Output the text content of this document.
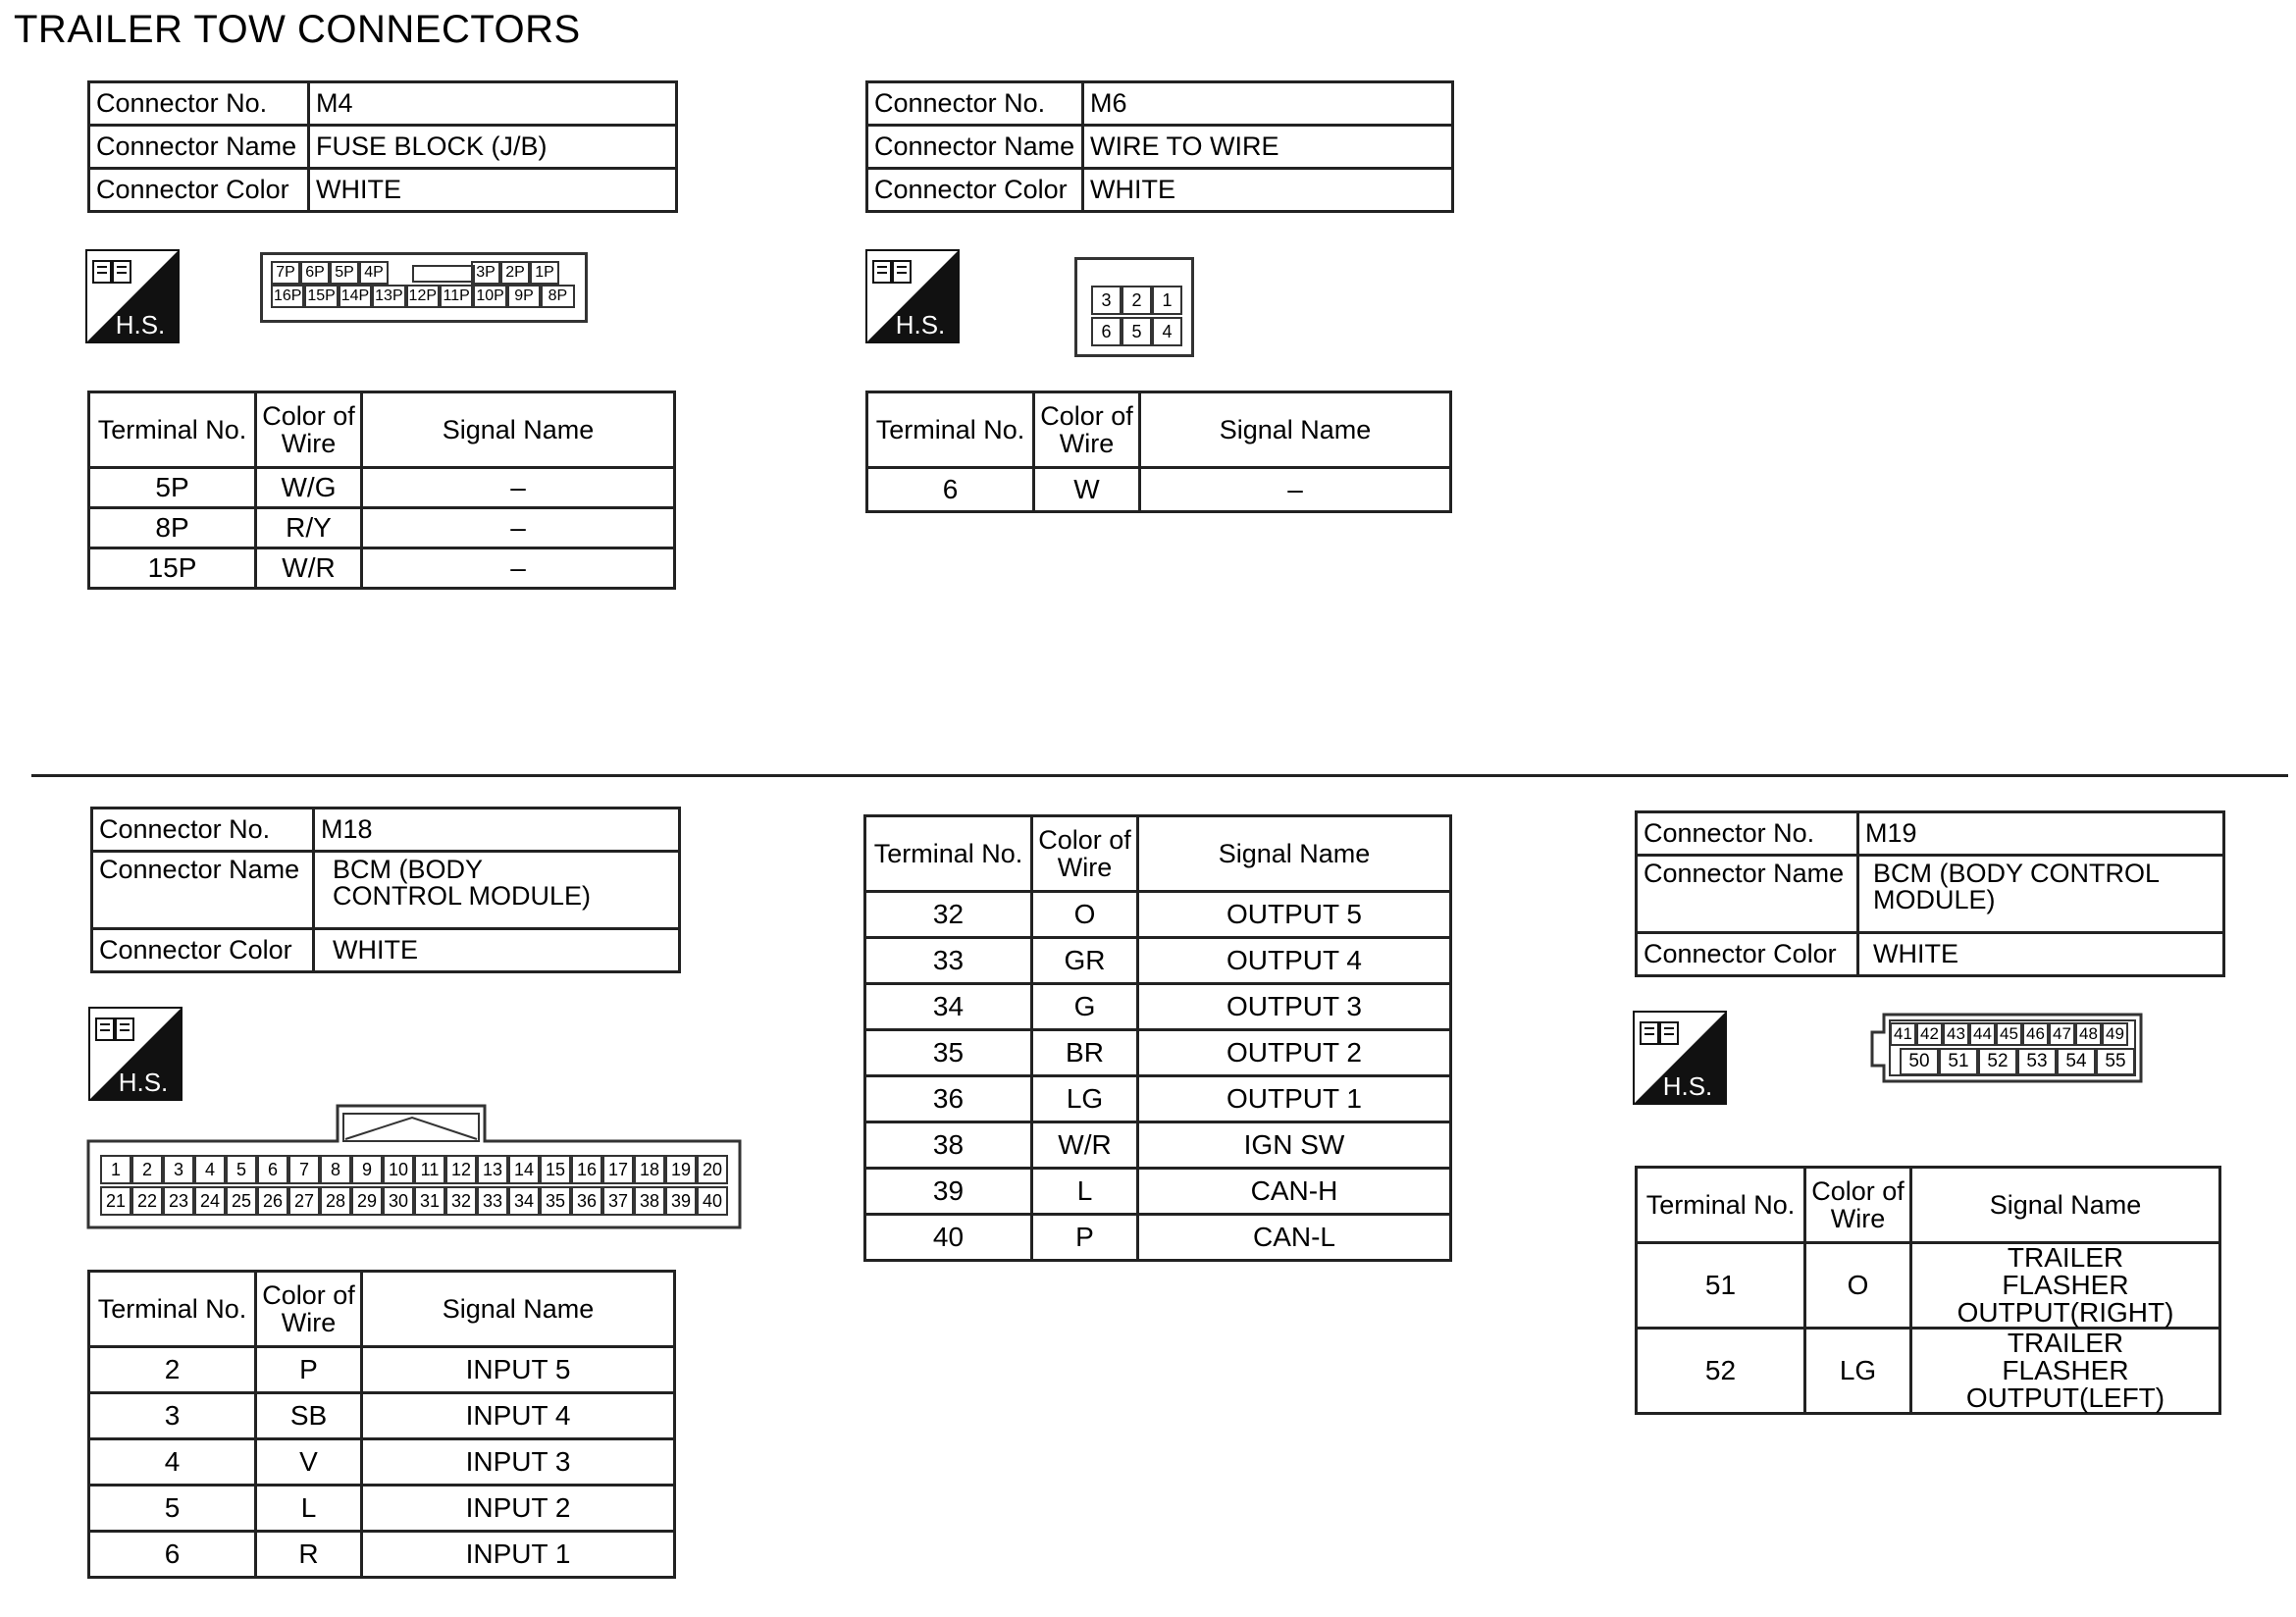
TRAILER TOW CONNECTORS
Connector No.	M4
Connector Name	FUSE BLOCK (J/B)
Connector Color	WHITE
H.S.
7P 6P 5P 4P	3P 2P 1P
16P 15P 14P 13P 12P 11P 10P 9P 8P
Terminal No.	Color of Wire	Signal Name
5P	W/G	–
8P	R/Y	–
15P	W/R	–
Connector No.	M6
Connector Name	WIRE TO WIRE
Connector Color	WHITE
H.S.
3	2	1
6	5	4
Terminal No.	Color of Wire	Signal Name
6	W	–
Connector No.	M18
Connector Name	BCM (BODY CONTROL MODULE)
Connector Color	WHITE
H.S.
1	2	3	4	5	6	7	8	9 10 11 12 13 14 15 16 17 18 19 20
21 22 23 24 25 26 27 28 29 30 31 32 33 34 35 36 37 38 39 40
Terminal No.	Color of Wire	Signal Name
2	P	INPUT 5
3	SB	INPUT 4
4	V	INPUT 3
5	L	INPUT 2
6	R	INPUT 1
Terminal No.	Color of Wire	Signal Name
32	O	OUTPUT 5
33	GR	OUTPUT 4
34	G	OUTPUT 3
35	BR	OUTPUT 2
36	LG	OUTPUT 1
38	W/R	IGN SW
39	L	CAN-H
40	P	CAN-L
Connector No.	M19
Connector Name	BCM (BODY CONTROL MODULE)
Connector Color	WHITE
H.S.
41 42 43 44 45 46 47 48 49
50 51 52 53 54 55
Terminal No.	Color of Wire	Signal Name
51	O	TRAILER FLASHER OUTPUT(RIGHT)
52	LG	TRAILER FLASHER OUTPUT(LEFT)
